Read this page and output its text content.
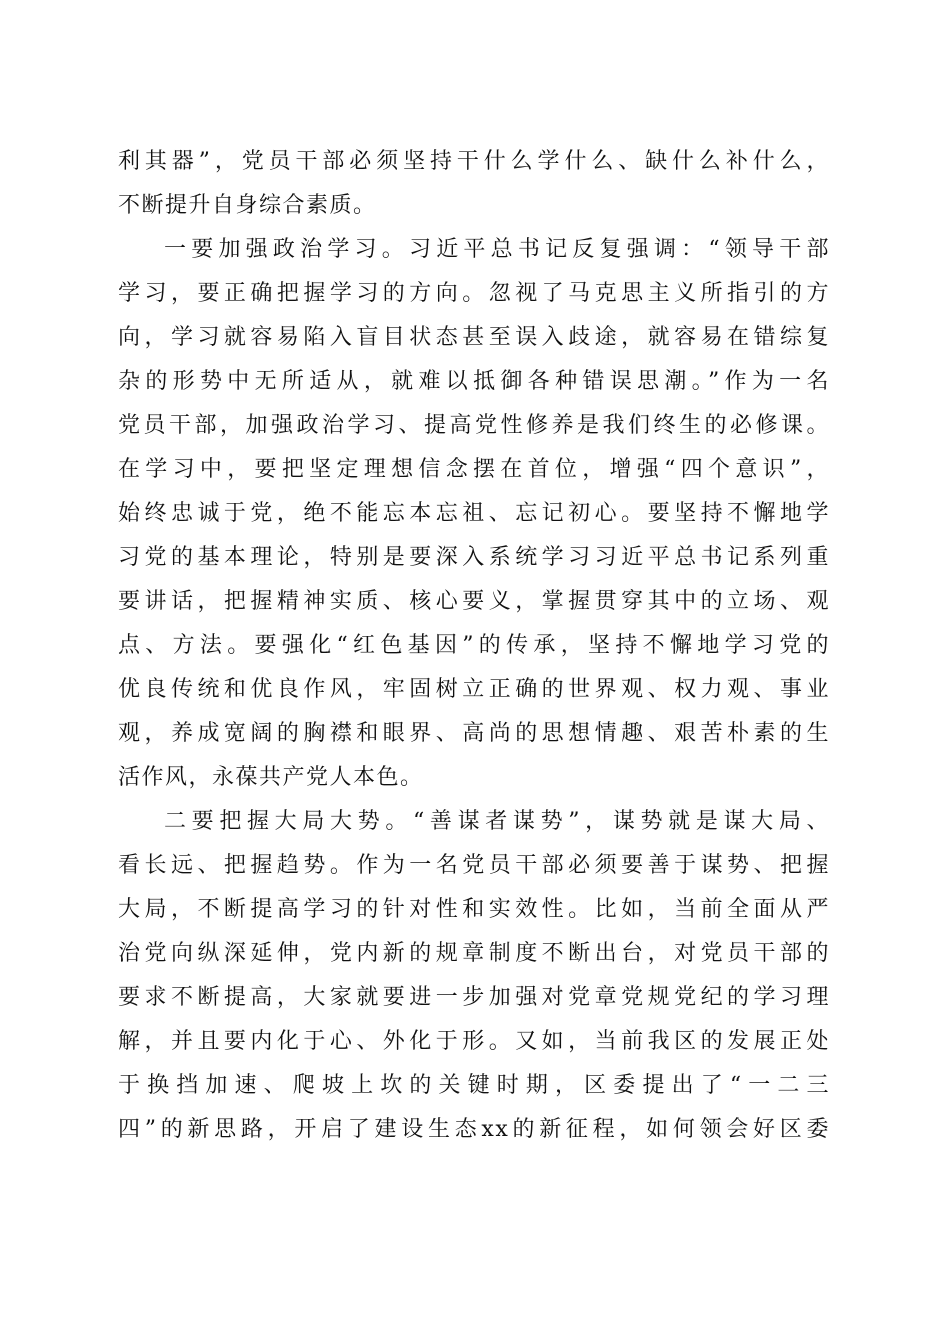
利其器”，党员干部必须坚持干什么学什么、缺什么补什么，
不断提升自身综合素质。
一要加强政治学习。习近平总书记反复强调：“领导干部
学习，要正确把握学习的方向。忽视了马克思主义所指引的方
向，学习就容易陷入盲目状态甚至误入歧途，就容易在错综复
杂的形势中无所适从，就难以抵御各种错误思潮。”作为一名
党员干部，加强政治学习、提高党性修养是我们终生的必修课。
在学习中，要把坚定理想信念摆在首位，增强“四个意识”，
始终忠诚于党，绝不能忘本忘祖、忘记初心。要坚持不懈地学
习党的基本理论，特别是要深入系统学习习近平总书记系列重
要讲话，把握精神实质、核心要义，掌握贯穿其中的立场、观
点、方法。要强化“红色基因”的传承，坚持不懈地学习党的
优良传统和优良作风，牢固树立正确的世界观、权力观、事业
观，养成宽阔的胸襟和眼界、高尚的思想情趣、艰苦朴素的生
活作风，永葆共产党人本色。
二要把握大局大势。“善谋者谋势”，谋势就是谋大局、
看长远、把握趋势。作为一名党员干部必须要善于谋势、把握
大局，不断提高学习的针对性和实效性。比如，当前全面从严
治党向纵深延伸，党内新的规章制度不断出台，对党员干部的
要求不断提高，大家就要进一步加强对党章党规党纪的学习理
解，并且要内化于心、外化于形。又如，当前我区的发展正处
于换挡加速、爬坡上坎的关键时期，区委提出了“一二三
四”的新思路，开启了建设生态xx的新征程，如何领会好区委
